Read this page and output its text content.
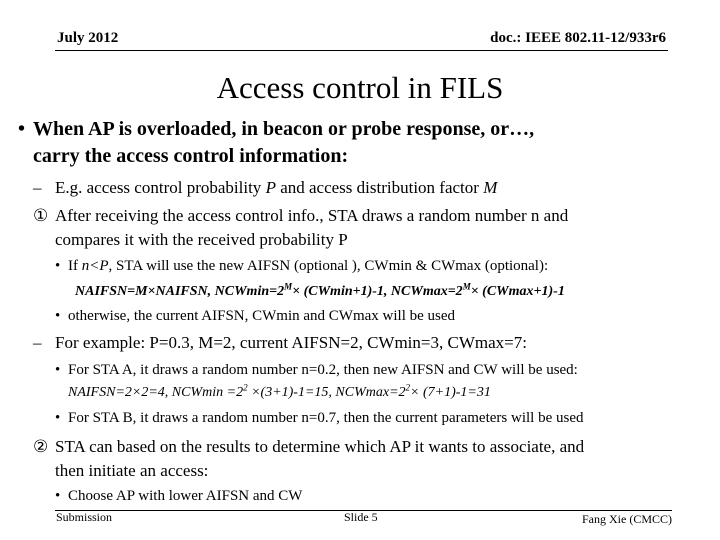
July 2012	doc.: IEEE 802.11-12/933r6
Access control in FILS
• When AP is overloaded, in beacon or probe response, or…,
carry the access control information:
– E.g. access control probability P and access distribution factor M
① After receiving the access control info., STA draws a random number n and
compares it with the received probability P
• If n<P, STA will use the new AIFSN (optional ), CWmin & CWmax (optional):
NAIFSN=M×NAIFSN, $NCWmin=2^M\times (CWmin+1)-1$, $NCWmax=2^M\times (CWmax+1)-1$
• otherwise, the current AIFSN, CWmin and CWmax will be used
– For example: P=0.3, M=2, current AIFSN=2, CWmin=3, CWmax=7:
• For STA A, it draws a random number n=0.2, then new AIFSN and CW will be used:
NAIFSN=2×2=4, $NCWmin =2^2 \times(3+1)-1=15$, $NCWmax=2^2\times (7+1)-1=31$
• For STA B, it draws a random number n=0.7, then the current parameters will be used
② STA can based on the results to determine which AP it wants to associate, and
then initiate an access:
• Choose AP with lower AIFSN and CW
Submission	Slide 5	Fang Xie (CMCC)
